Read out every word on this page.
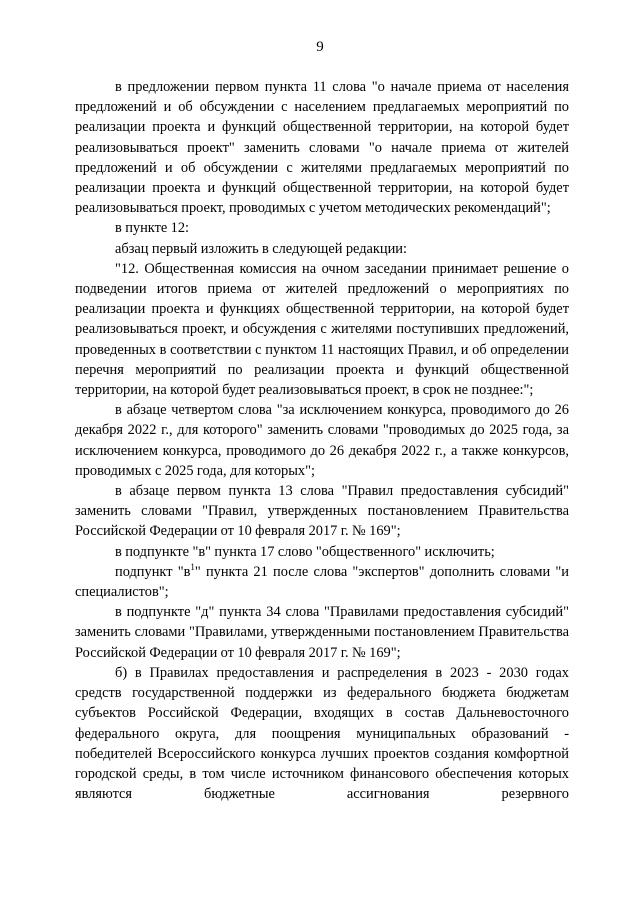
9

в предложении первом пункта 11 слова "о начале приема от населения предложений и об обсуждении с населением предлагаемых мероприятий по реализации проекта и функций общественной территории, на которой будет реализовываться проект" заменить словами "о начале приема от жителей предложений и об обсуждении с жителями предлагаемых мероприятий по реализации проекта и функций общественной территории, на которой будет реализовываться проект, проводимых с учетом методических рекомендаций";

в пункте 12:

абзац первый изложить в следующей редакции:

"12. Общественная комиссия на очном заседании принимает решение о подведении итогов приема от жителей предложений о мероприятиях по реализации проекта и функциях общественной территории, на которой будет реализовываться проект, и обсуждения с жителями поступивших предложений, проведенных в соответствии с пунктом 11 настоящих Правил, и об определении перечня мероприятий по реализации проекта и функций общественной территории, на которой будет реализовываться проект, в срок не позднее:";

в абзаце четвертом слова "за исключением конкурса, проводимого до 26 декабря 2022 г., для которого" заменить словами "проводимых до 2025 года, за исключением конкурса, проводимого до 26 декабря 2022 г., а также конкурсов, проводимых с 2025 года, для которых";

в абзаце первом пункта 13 слова "Правил предоставления субсидий" заменить словами "Правил, утвержденных постановлением Правительства Российской Федерации от 10 февраля 2017 г. № 169";

в подпункте "в" пункта 17 слово "общественного" исключить;

подпункт "$в^1$" пункта 21 после слова "экспертов" дополнить словами "и специалистов";

в подпункте "д" пункта 34 слова "Правилами предоставления субсидий" заменить словами "Правилами, утвержденными постановлением Правительства Российской Федерации от 10 февраля 2017 г. № 169";

б) в Правилах предоставления и распределения в 2023 - 2030 годах средств государственной поддержки из федерального бюджета бюджетам субъектов Российской Федерации, входящих в состав Дальневосточного федерального округа, для поощрения муниципальных образований - победителей Всероссийского конкурса лучших проектов создания комфортной городской среды, в том числе источником финансового обеспечения которых являются бюджетные ассигнования резервного
